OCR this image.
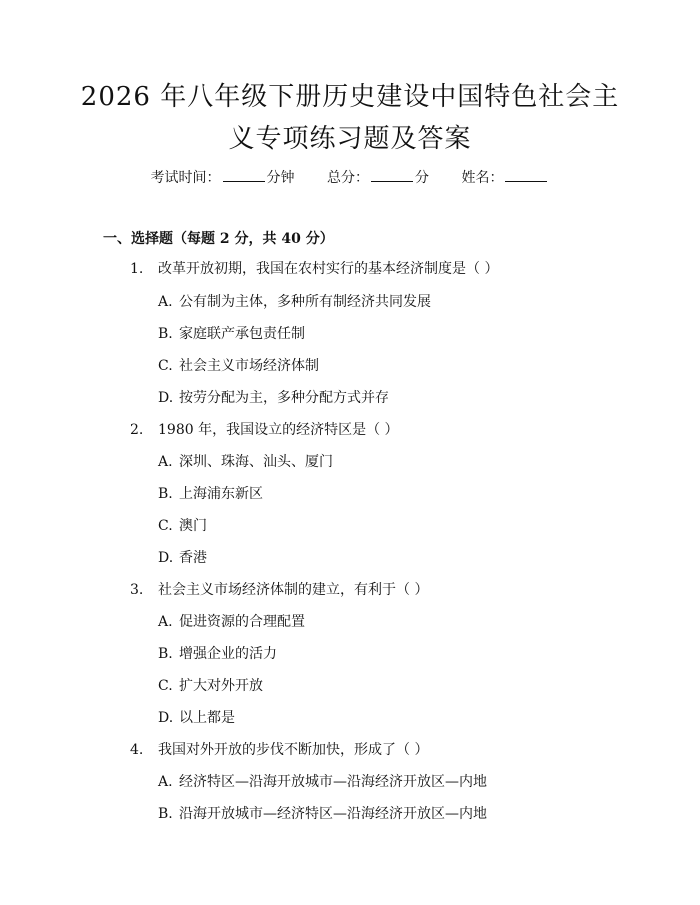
2026 年八年级下册历史建设中国特色社会主
义专项练习题及答案
考试时间：	分钟 总分：	分 姓名：
一、选择题（每题 2 分，共 40 分）
1. 改革开放初期，我国在农村实行的基本经济制度是（ ）
A. 公有制为主体，多种所有制经济共同发展
B. 家庭联产承包责任制
C. 社会主义市场经济体制
D. 按劳分配为主，多种分配方式并存
2. 1980 年，我国设立的经济特区是（ ）
A. 深圳、珠海、汕头、厦门
B. 上海浦东新区
C. 澳门
D. 香港
3. 社会主义市场经济体制的建立，有利于（ ）
A. 促进资源的合理配置
B. 增强企业的活力
C. 扩大对外开放
D. 以上都是
4. 我国对外开放的步伐不断加快，形成了（ ）
A. 经济特区—沿海开放城市—沿海经济开放区—内地
B. 沿海开放城市—经济特区—沿海经济开放区—内地
